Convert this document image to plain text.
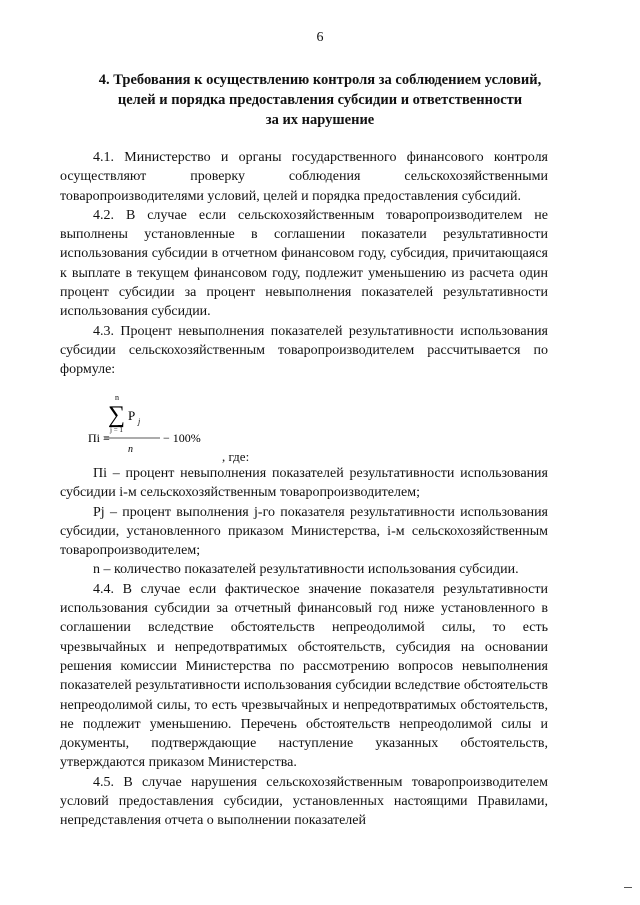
6
4. Требования к осуществлению контроля за соблюдением условий,
целей и порядка предоставления субсидии и ответственности
за их нарушение
4.1. Министерство и органы государственного финансового контроля осуществляют проверку соблюдения сельскохозяйственными товаропроизводителями условий, целей и порядка предоставления субсидий.
4.2. В случае если сельскохозяйственным товаропроизводителем не выполнены установленные в соглашении показатели результативности использования субсидии в отчетном финансовом году, субсидия, причитающаяся к выплате в текущем финансовом году, подлежит уменьшению из расчета один процент субсидии за процент невыполнения показателей результативности использования субсидии.
4.3. Процент невыполнения показателей результативности использования субсидии сельскохозяйственным товаропроизводителем рассчитывается по формуле:
n
∑ P j
j = 1
Пi =
n
− 100%
, где:
Пi – процент невыполнения показателей результативности использования субсидии i-м сельскохозяйственным товаропроизводителем;
Рj – процент выполнения j-го показателя результативности использования субсидии, установленного приказом Министерства, i-м сельскохозяйственным товаропроизводителем;
n – количество показателей результативности использования субсидии.
4.4. В случае если фактическое значение показателя результативности использования субсидии за отчетный финансовый год ниже установленного в соглашении вследствие обстоятельств непреодолимой силы, то есть чрезвычайных и непредотвратимых обстоятельств, субсидия на основании решения комиссии Министерства по рассмотрению вопросов невыполнения показателей результативности использования субсидии вследствие обстоятельств непреодолимой силы, то есть чрезвычайных и непредотвратимых обстоятельств, не подлежит уменьшению. Перечень обстоятельств непреодолимой силы и документы, подтверждающие наступление указанных обстоятельств, утверждаются приказом Министерства.
4.5. В случае нарушения сельскохозяйственным товаропроизводителем условий предоставления субсидии, установленных настоящими Правилами, непредставления отчета о выполнении показателей
